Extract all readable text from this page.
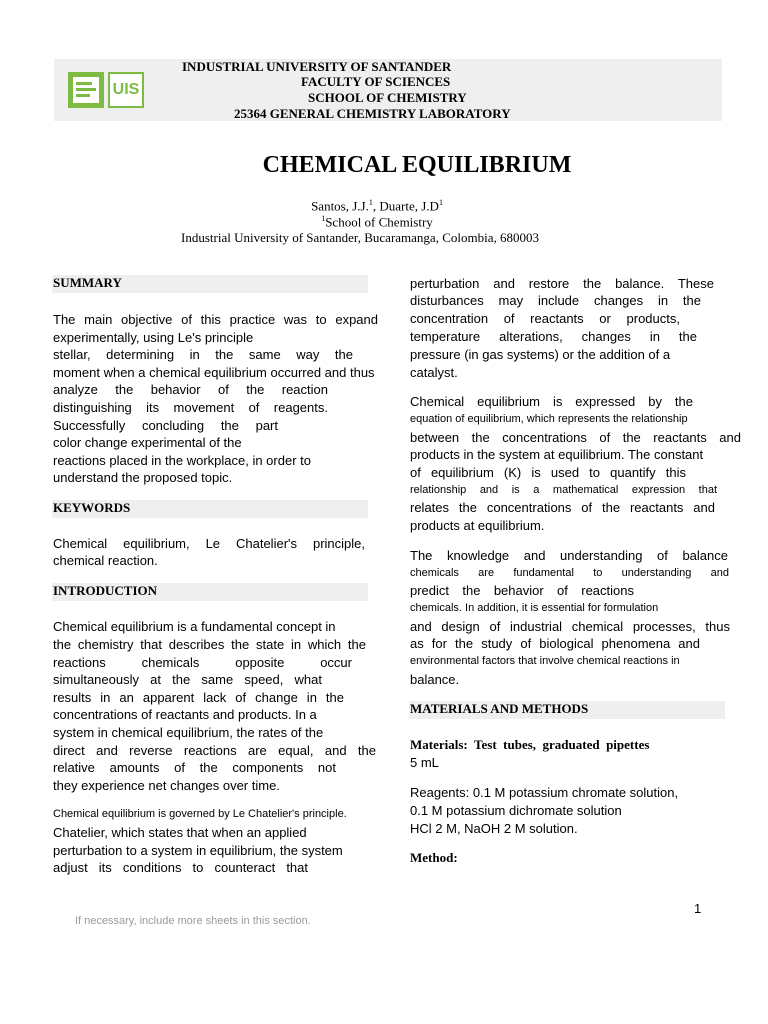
UIS
INDUSTRIAL UNIVERSITY OF SANTANDER
FACULTY OF SCIENCES
SCHOOL OF CHEMISTRY
25364 GENERAL CHEMISTRY LABORATORY
CHEMICAL EQUILIBRIUM
Santos, J.J.$^1$, Duarte, $J.D^1$
$^1$School of Chemistry
Industrial University of Santander, Bucaramanga, Colombia, 680003
SUMMARY
The main objective of this practice was to expand
experimentally, using Le's principle
stellar, determining in the same way the
moment when a chemical equilibrium occurred and thus
analyze the behavior of the reaction
distinguishing its movement of reagents.
Successfully concluding the part
color change experimental of the
reactions placed in the workplace, in order to
understand the proposed topic.
KEYWORDS
Chemical equilibrium, Le Chatelier's principle,
chemical reaction.
INTRODUCTION
Chemical equilibrium is a fundamental concept in
the chemistry that describes the state in which the
reactions chemicals opposite occur
simultaneously at the same speed, what
results in an apparent lack of change in the
concentrations of reactants and products. In a
system in chemical equilibrium, the rates of the
direct and reverse reactions are equal, and the
relative amounts of the components not
they experience net changes over time.
Chemical equilibrium is governed by Le Chatelier's principle.
Chatelier, which states that when an applied
perturbation to a system in equilibrium, the system
adjust its conditions to counteract that
perturbation and restore the balance. These
disturbances may include changes in the
concentration of reactants or products,
temperature alterations, changes in the
pressure (in gas systems) or the addition of a
catalyst.
Chemical equilibrium is expressed by the
equation of equilibrium, which represents the relationship
between the concentrations of the reactants and
products in the system at equilibrium. The constant
of equilibrium (K) is used to quantify this
relationship and is a mathematical expression that
relates the concentrations of the reactants and
products at equilibrium.
The knowledge and understanding of balance
chemicals are fundamental to understanding and
predict the behavior of reactions
chemicals. In addition, it is essential for formulation
and design of industrial chemical processes, thus
as for the study of biological phenomena and
environmental factors that involve chemical reactions in
balance.
MATERIALS AND METHODS
Materials:  Test  tubes,  graduated  pipettes
5 mL
Reagents: 0.1 M potassium chromate solution,
0.1 M potassium dichromate solution
HCl 2 M, NaOH 2 M solution.
Method:
1
If necessary, include more sheets in this section.
